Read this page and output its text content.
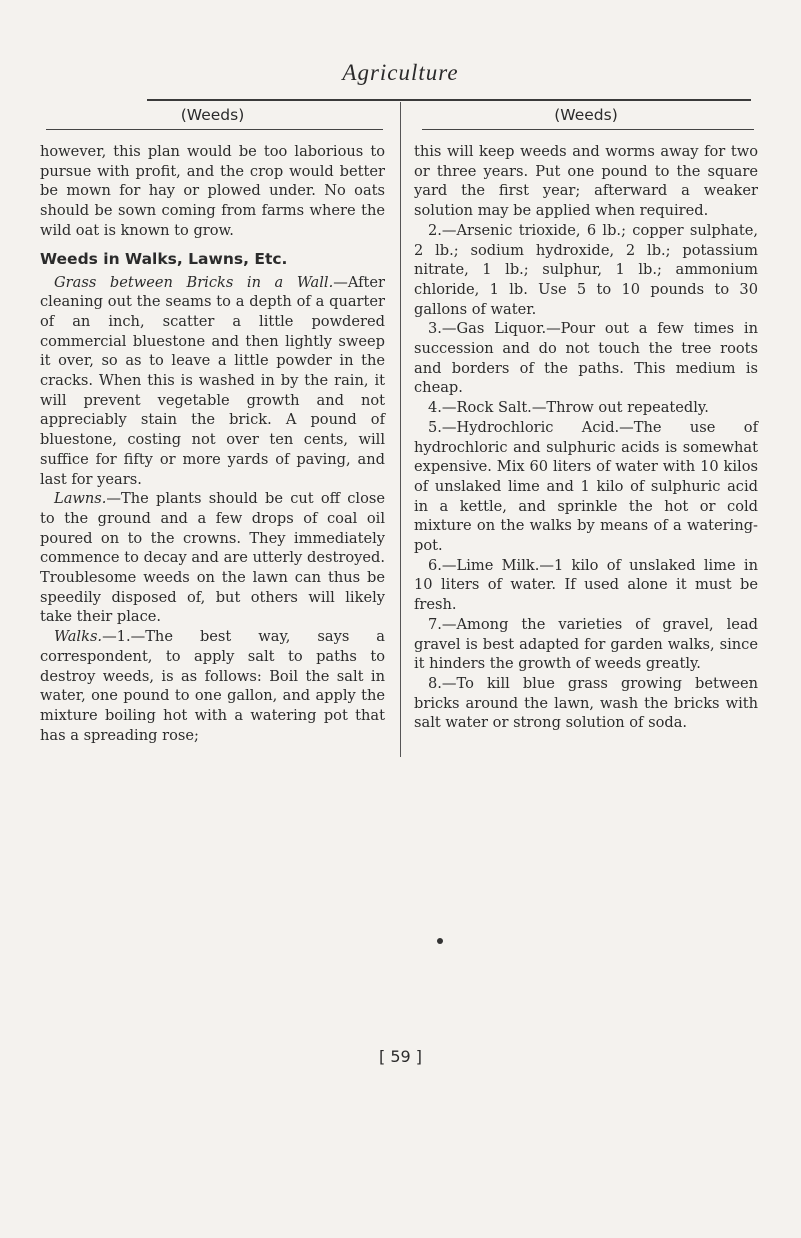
Agriculture
(Weeds)

however, this plan would be too laborious to pursue with profit, and the crop would better be mown for hay or plowed under. No oats should be sown coming from farms where the wild oat is known to grow.

Weeds in Walks, Lawns, Etc.

Grass between Bricks in a Wall.—After cleaning out the seams to a depth of a quarter of an inch, scatter a little powdered commercial bluestone and then lightly sweep it over, so as to leave a little powder in the cracks. When this is washed in by the rain, it will prevent vegetable growth and not appreciably stain the brick. A pound of bluestone, costing not over ten cents, will suffice for fifty or more yards of paving, and last for years.

Lawns.—The plants should be cut off close to the ground and a few drops of coal oil poured on to the crowns. They immediately commence to decay and are utterly destroyed. Troublesome weeds on the lawn can thus be speedily disposed of, but others will likely take their place.

Walks.—1.—The best way, says a correspondent, to apply salt to paths to destroy weeds, is as follows: Boil the salt in water, one pound to one gallon, and apply the mixture boiling hot with a watering pot that has a spreading rose;

(Weeds)

this will keep weeds and worms away for two or three years. Put one pound to the square yard the first year; afterward a weaker solution may be applied when required.

2.—Arsenic trioxide, 6 lb.; copper sulphate, 2 lb.; sodium hydroxide, 2 lb.; potassium nitrate, 1 lb.; sulphur, 1 lb.; ammonium chloride, 1 lb. Use 5 to 10 pounds to 30 gallons of water.

3.—Gas Liquor.—Pour out a few times in succession and do not touch the tree roots and borders of the paths. This medium is cheap.

4.—Rock Salt.—Throw out repeatedly.

5.—Hydrochloric Acid.—The use of hydrochloric and sulphuric acids is somewhat expensive. Mix 60 liters of water with 10 kilos of unslaked lime and 1 kilo of sulphuric acid in a kettle, and sprinkle the hot or cold mixture on the walks by means of a watering-pot.

6.—Lime Milk.—1 kilo of unslaked lime in 10 liters of water. If used alone it must be fresh.

7.—Among the varieties of gravel, lead gravel is best adapted for garden walks, since it hinders the growth of weeds greatly.

8.—To kill blue grass growing between bricks around the lawn, wash the bricks with salt water or strong solution of soda.

[ 59 ]
